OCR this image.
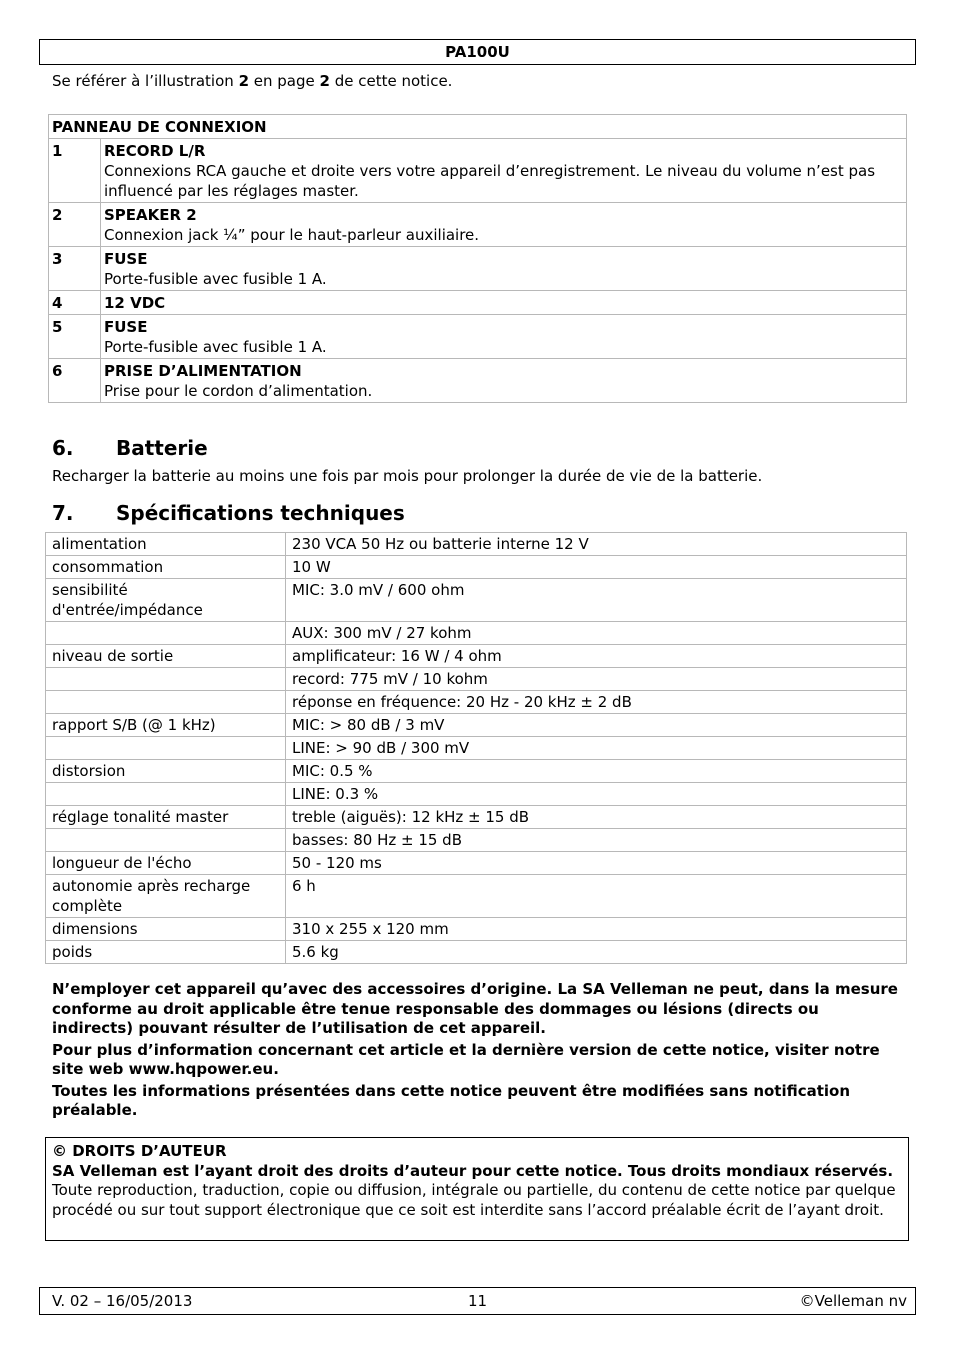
PA100U
Se référer à l’illustration 2 en page 2 de cette notice.
PANNEAU DE CONNEXION	
1	RECORD L/R
Connexions RCA gauche et droite vers votre appareil d’enregistrement. Le niveau du volume n’est pas influencé par les réglages master.

2	SPEAKER 2
Connexion jack ¼” pour le haut-parleur auxiliaire.

3	FUSE
Porte-fusible avec fusible 1 A.

4	12 VDC

5	FUSE
Porte-fusible avec fusible 1 A.

6	PRISE D’ALIMENTATION
Prise pour le cordon d’alimentation.
6. Batterie
Recharger la batterie au moins une fois par mois pour prolonger la durée de vie de la batterie.
7. Spécifications techniques
alimentation	230 VCA 50 Hz ou batterie interne 12 V
consommation	10 W
sensibilité d'entrée/impédance	MIC: 3.0 mV / 600 ohm
	AUX: 300 mV / 27 kohm
niveau de sortie	amplificateur: 16 W / 4 ohm
	record: 775 mV / 10 kohm
	réponse en fréquence: 20 Hz - 20 kHz ± 2 dB
rapport S/B (@ 1 kHz)	MIC: > 80 dB / 3 mV
	LINE: > 90 dB / 300 mV
distorsion	MIC: 0.5 %
	LINE: 0.3 %
réglage tonalité master	treble (aiguës): 12 kHz ± 15 dB
	basses: 80 Hz ± 15 dB
longueur de l'écho	50 - 120 ms
autonomie après recharge complète	6 h
dimensions	310 x 255 x 120 mm
poids	5.6 kg

N’employer cet appareil qu’avec des accessoires d’origine. La SA Velleman ne peut, dans la mesure conforme au droit applicable être tenue responsable des dommages ou lésions (directs ou indirects) pouvant résulter de l’utilisation de cet appareil.

Pour plus d’information concernant cet article et la dernière version de cette notice, visiter notre site web www.hqpower.eu.

Toutes les informations présentées dans cette notice peuvent être modifiées sans notification préalable.

© DROITS D’AUTEUR
SA Velleman est l’ayant droit des droits d’auteur pour cette notice. Tous droits mondiaux réservés. Toute reproduction, traduction, copie ou diffusion, intégrale ou partielle, du contenu de cette notice par quelque procédé ou sur tout support électronique que ce soit est interdite sans l’accord préalable écrit de l’ayant droit.
V. 02 – 16/05/2013	11	©Velleman nv
